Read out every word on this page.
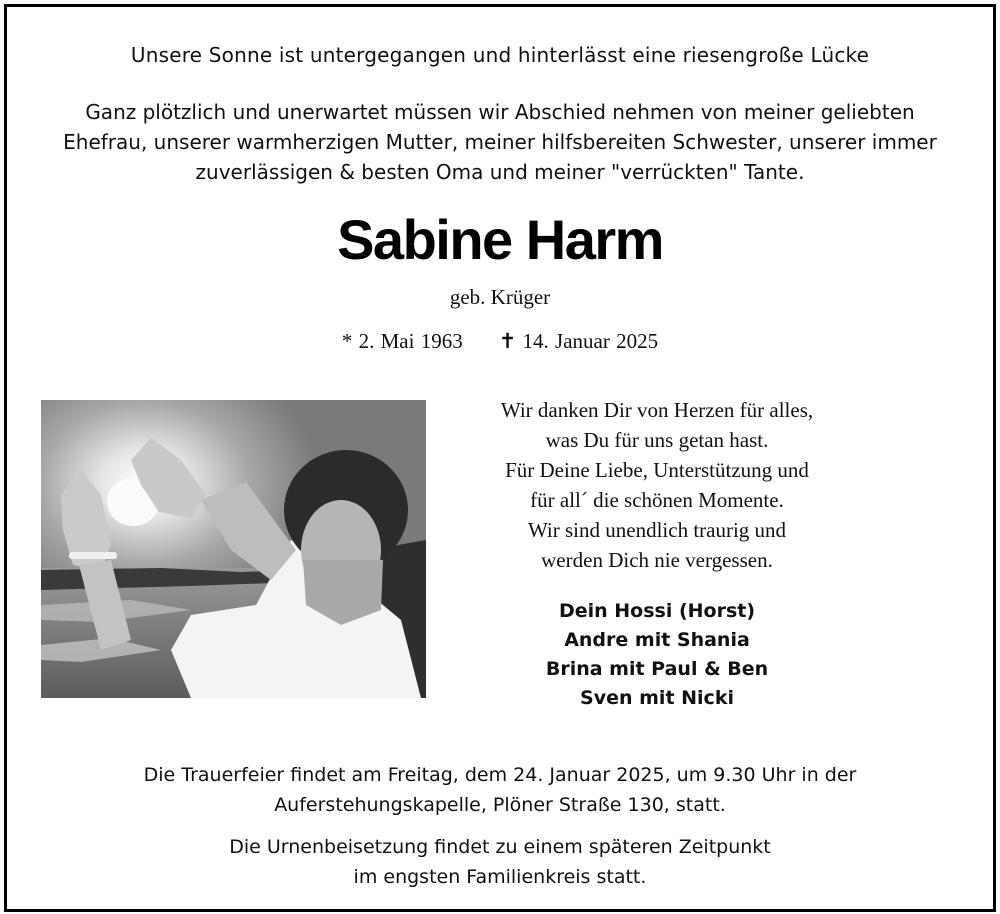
Unsere Sonne ist untergegangen und hinterlässt eine riesengroße Lücke
Ganz plötzlich und unerwartet müssen wir Abschied nehmen von meiner geliebten
Ehefrau, unserer warmherzigen Mutter, meiner hilfsbereiten Schwester, unserer immer
zuverlässigen & besten Oma und meiner "verrückten" Tante.
Sabine Harm
geb. Krüger
* 2. Mai 1963 ✝ 14. Januar 2025
Wir danken Dir von Herzen für alles,
was Du für uns getan hast.
Für Deine Liebe, Unterstützung und
für all´ die schönen Momente.
Wir sind unendlich traurig und
werden Dich nie vergessen.
Dein Hossi (Horst)
Andre mit Shania
Brina mit Paul & Ben
Sven mit Nicki
Die Trauerfeier findet am Freitag, dem 24. Januar 2025, um 9.30 Uhr in der
Auferstehungskapelle, Plöner Straße 130, statt.
Die Urnenbeisetzung findet zu einem späteren Zeitpunkt
im engsten Familienkreis statt.
